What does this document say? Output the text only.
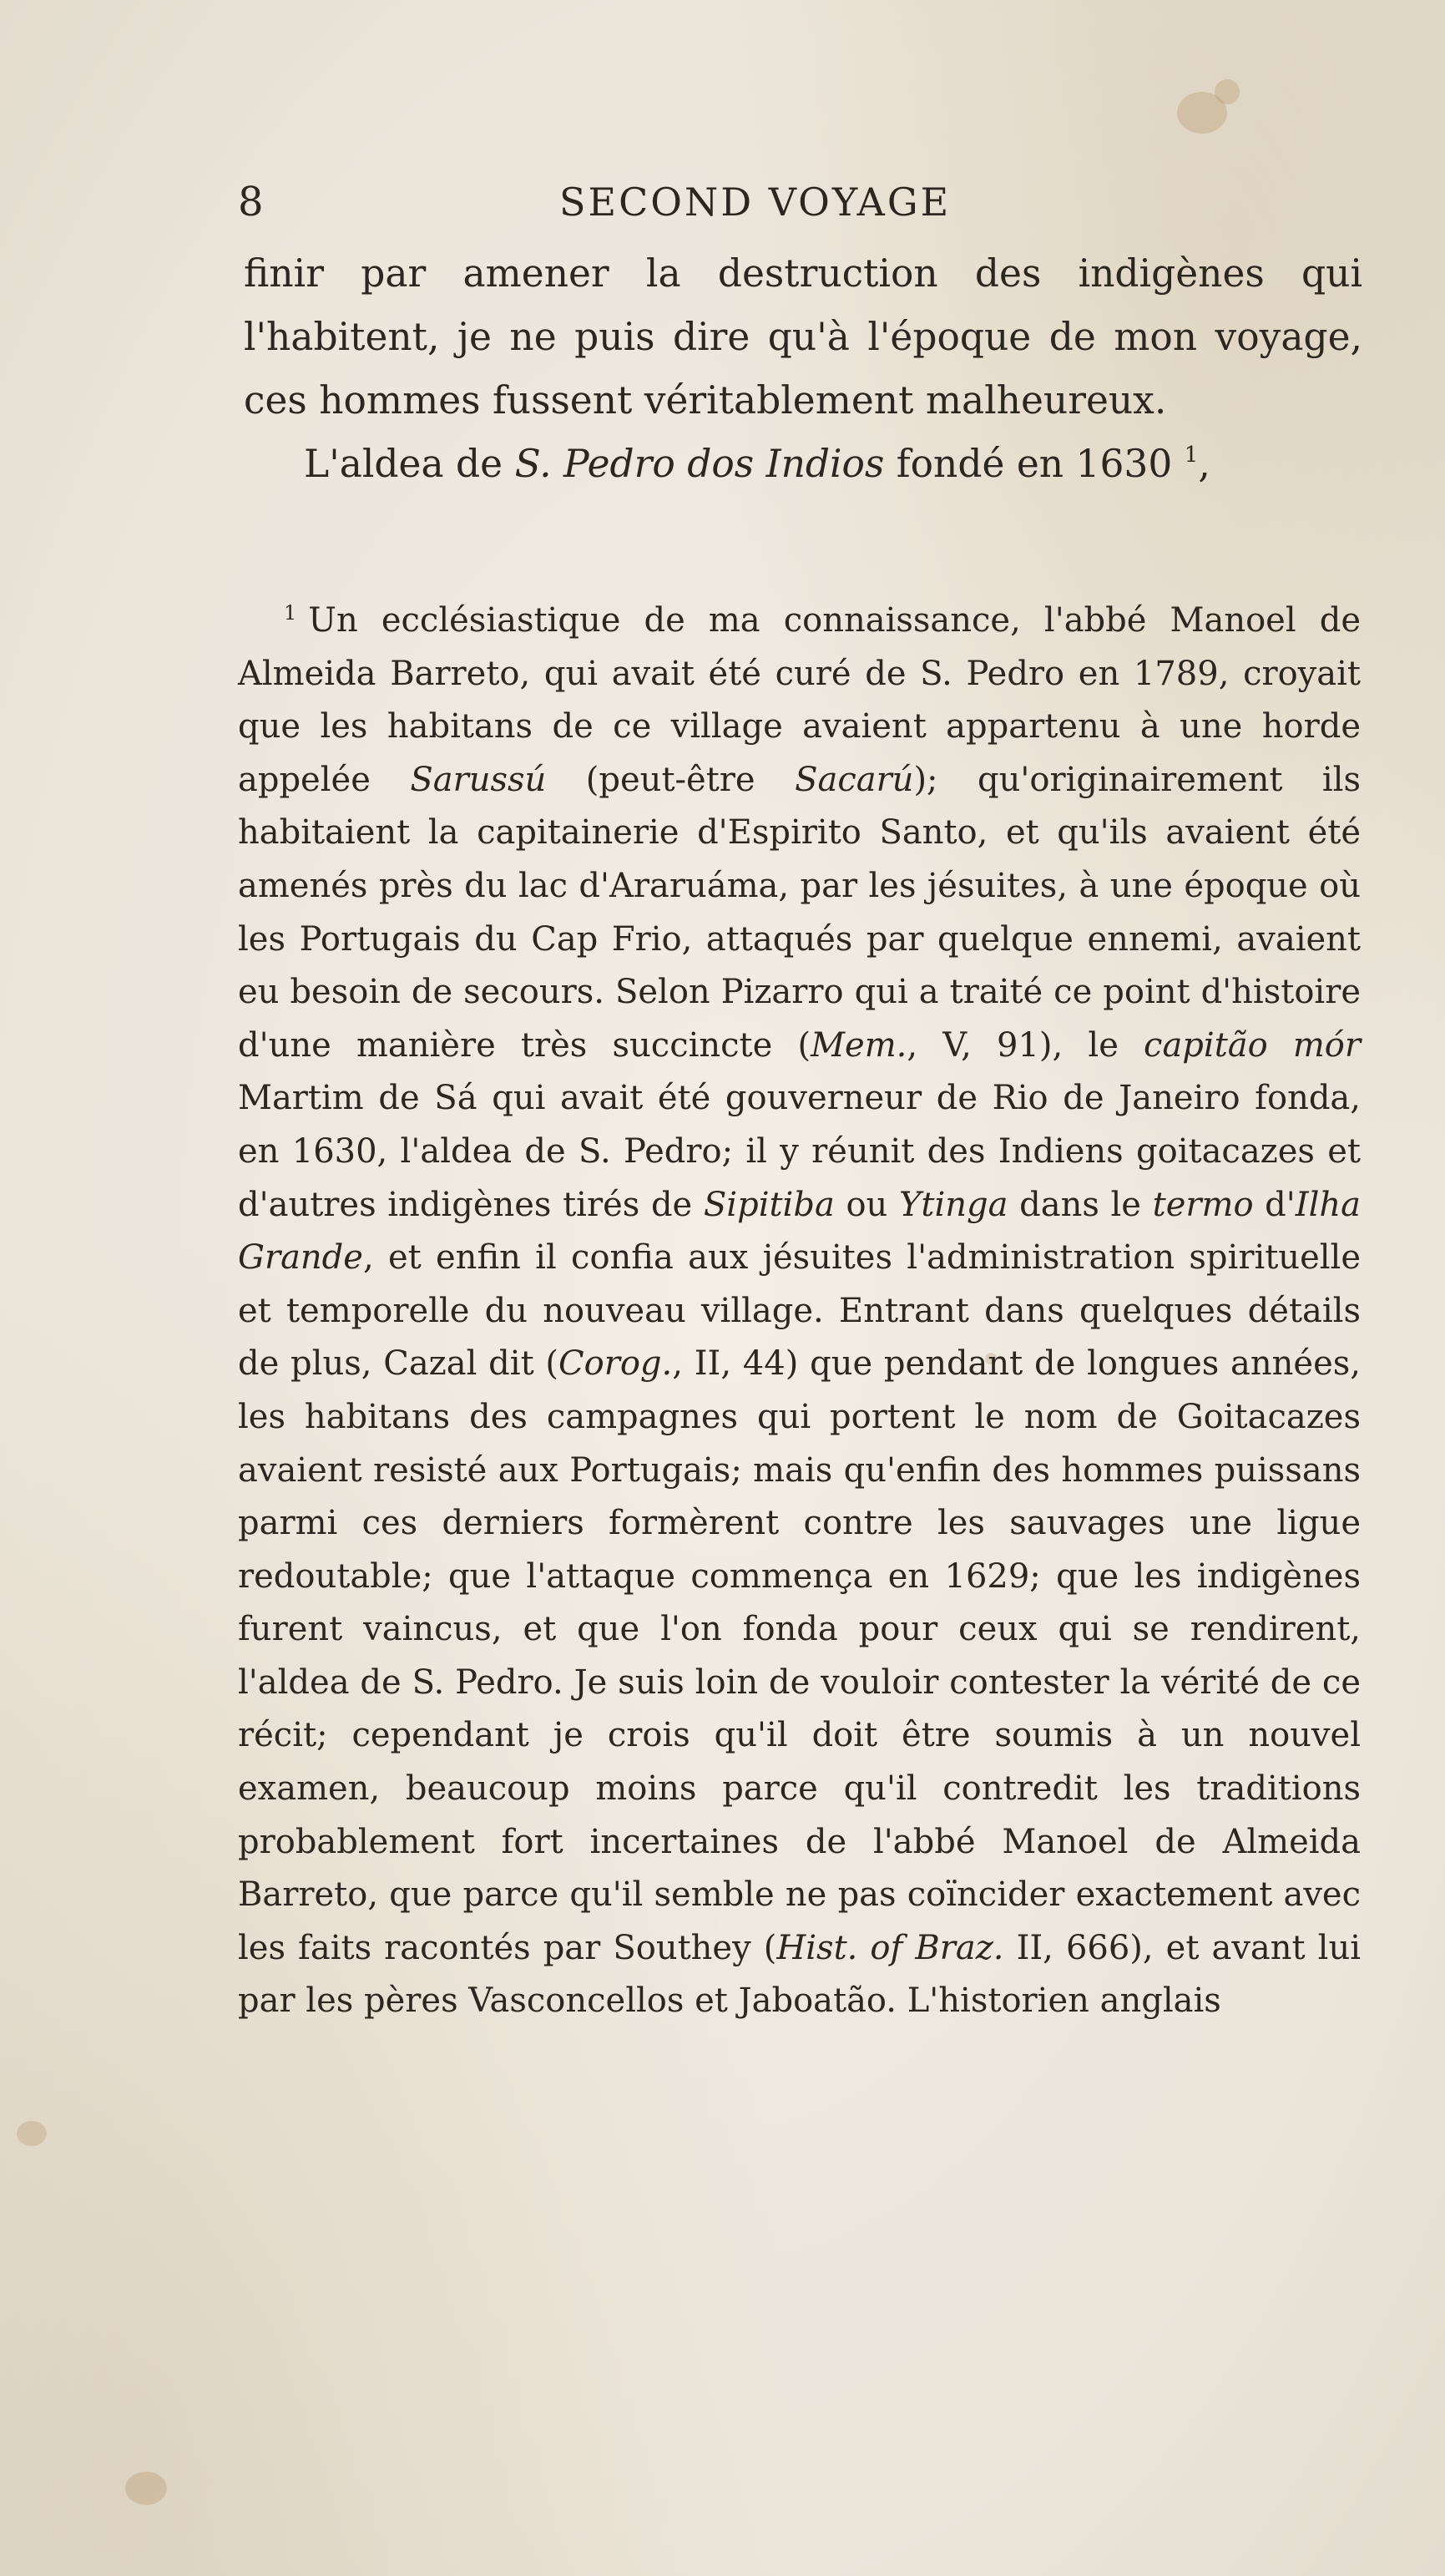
8	SECOND VOYAGE

finir par amener la destruction des indigènes qui l'habitent, je ne puis dire qu'à l'époque de mon voyage, ces hommes fussent véritablement malheureux.

L'aldea de S. Pedro dos Indios fondé en 1630 $^1$,

$^1$ Un ecclésiastique de ma connaissance, l'abbé Manoel de Almeida Barreto, qui avait été curé de S. Pedro en 1789, croyait que les habitans de ce village avaient appartenu à une horde appelée Sarussú (peut-être Sacarú); qu'originairement ils habitaient la capitainerie d'Espirito Santo, et qu'ils avaient été amenés près du lac d'Araruáma, par les jésuites, à une époque où les Portugais du Cap Frio, attaqués par quelque ennemi, avaient eu besoin de secours. Selon Pizarro qui a traité ce point d'histoire d'une manière très succincte (Mem., V, 91), le capitão mór Martim de Sá qui avait été gouverneur de Rio de Janeiro fonda, en 1630, l'aldea de S. Pedro; il y réunit des Indiens goitacazes et d'autres indigènes tirés de Sipitiba ou Ytinga dans le termo d'Ilha Grande, et enfin il confia aux jésuites l'administration spirituelle et temporelle du nouveau village. Entrant dans quelques détails de plus, Cazal dit (Corog., II, 44) que pendant de longues années, les habitans des campagnes qui portent le nom de Goitacazes avaient resisté aux Portugais; mais qu'enfin des hommes puissans parmi ces derniers formèrent contre les sauvages une ligue redoutable; que l'attaque commença en 1629; que les indigènes furent vaincus, et que l'on fonda pour ceux qui se rendirent, l'aldea de S. Pedro. Je suis loin de vouloir contester la vérité de ce récit; cependant je crois qu'il doit être soumis à un nouvel examen, beaucoup moins parce qu'il contredit les traditions probablement fort incertaines de l'abbé Manoel de Almeida Barreto, que parce qu'il semble ne pas coïncider exactement avec les faits racontés par Southey (Hist. of Braz. II, 666), et avant lui par les pères Vasconcellos et Jaboatão. L'historien anglais
